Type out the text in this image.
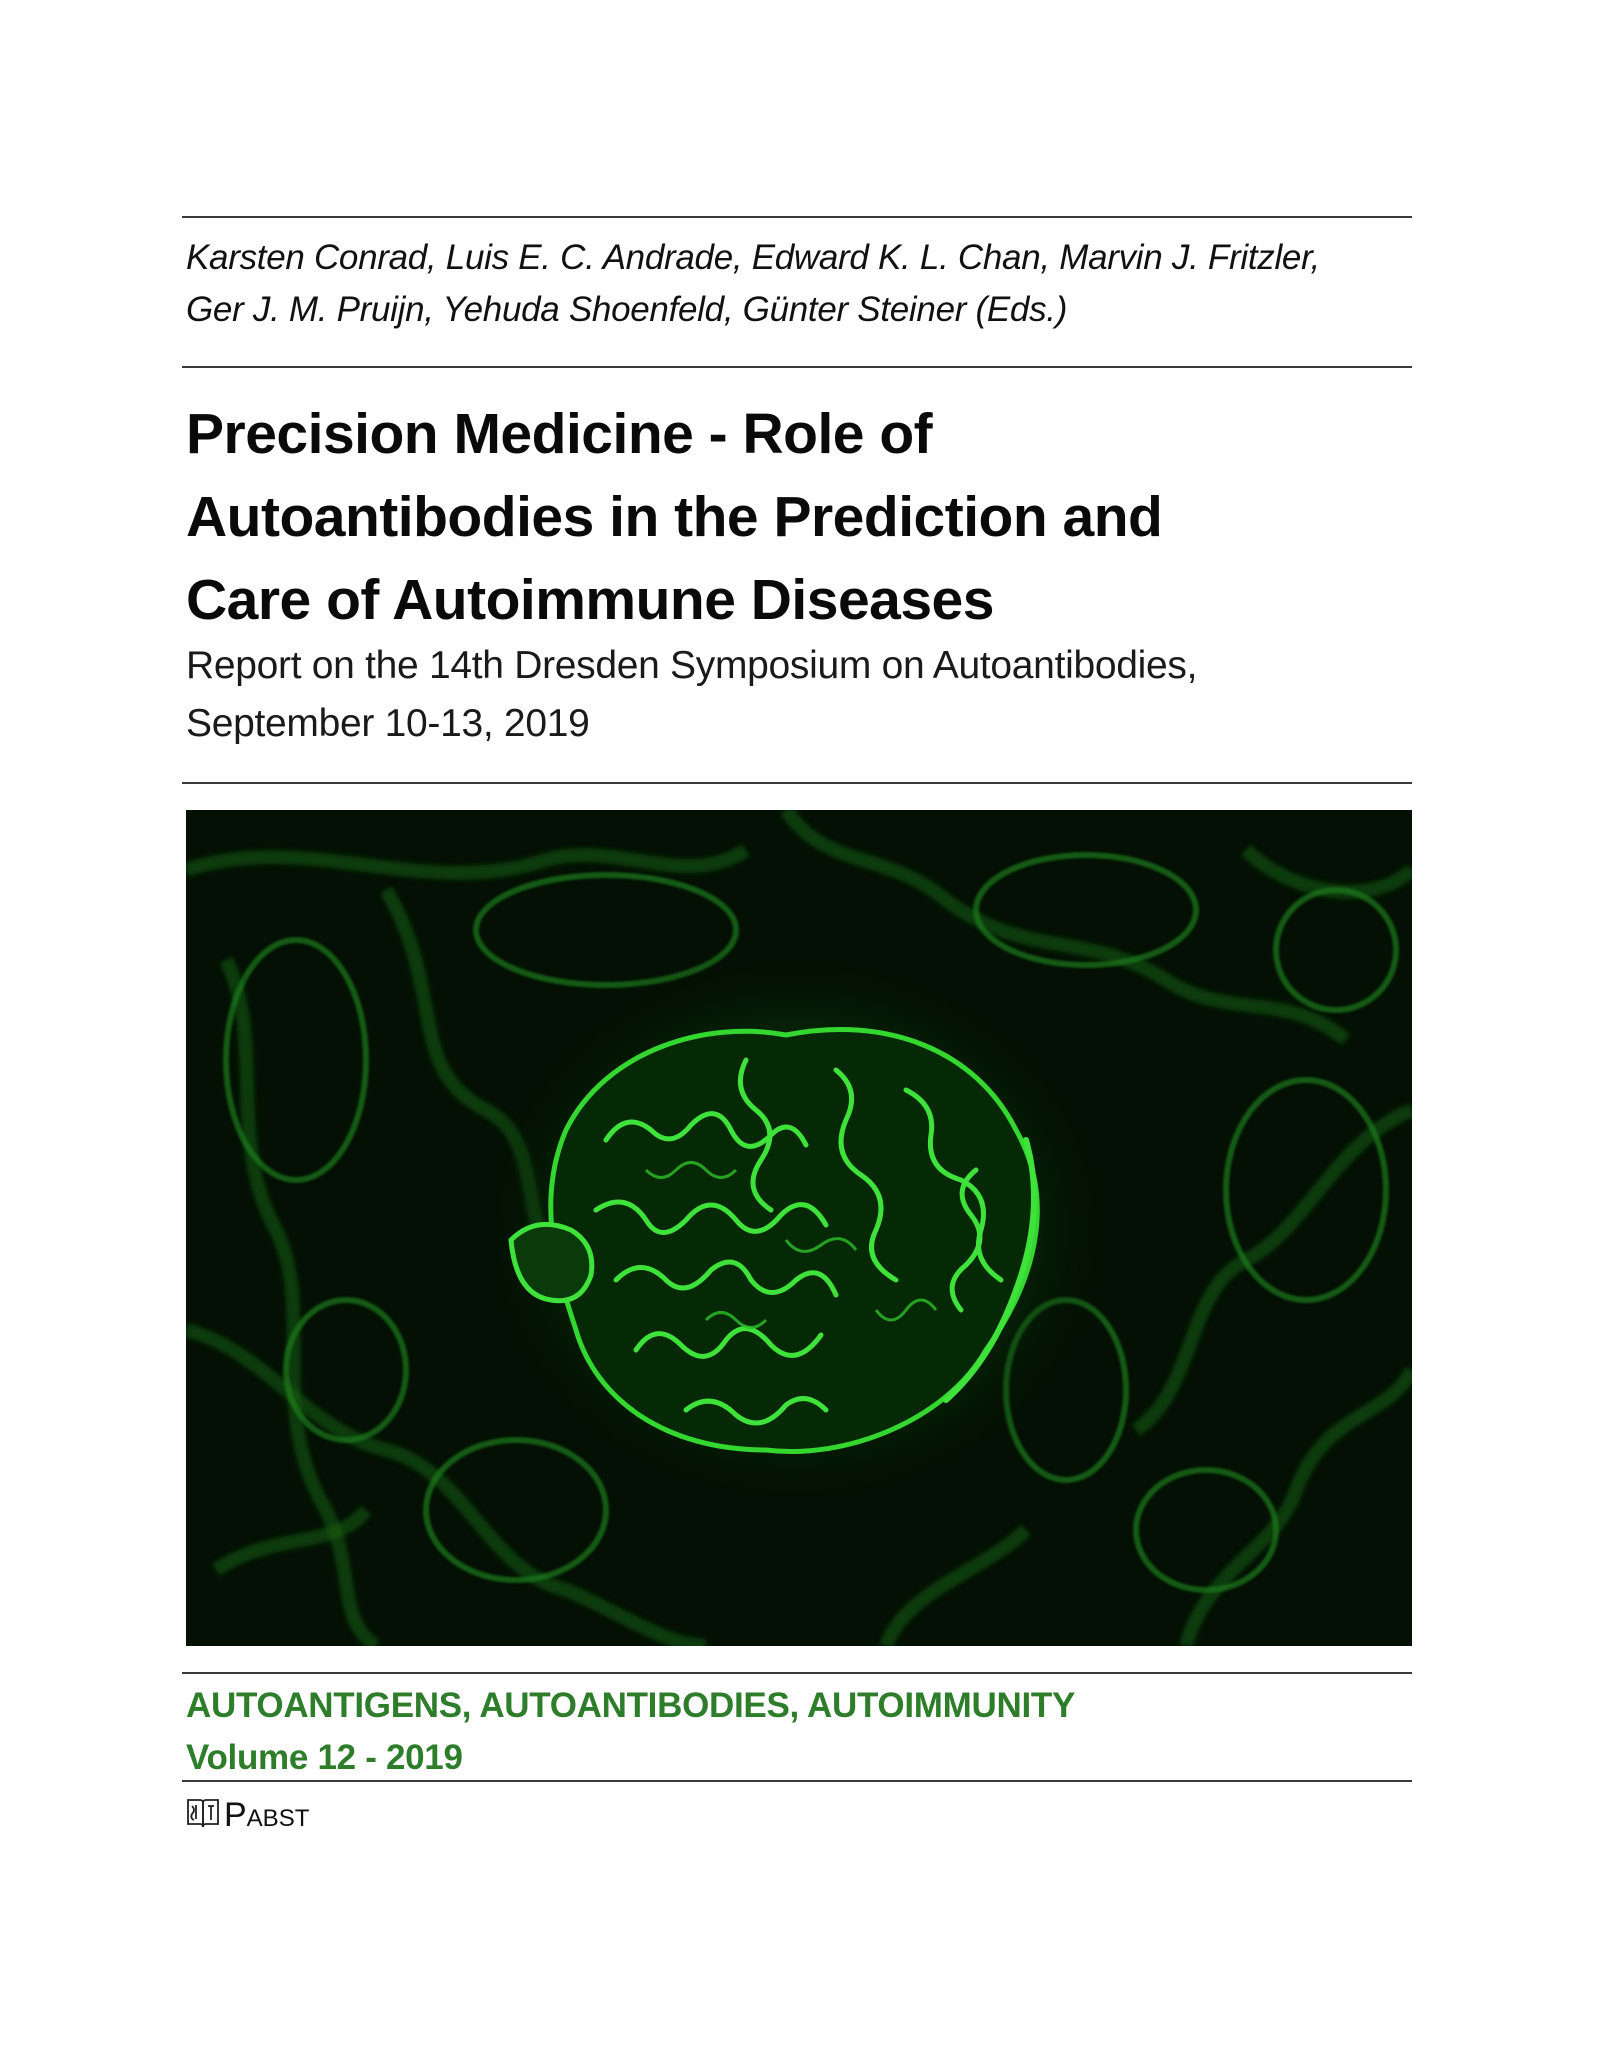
Karsten Conrad, Luis E. C. Andrade, Edward K. L. Chan, Marvin J. Fritzler,
Ger J. M. Pruijn, Yehuda Shoenfeld, Günter Steiner (Eds.)
Precision Medicine - Role of
Autoantibodies in the Prediction and
Care of Autoimmune Diseases
Report on the 14th Dresden Symposium on Autoantibodies,
September 10-13, 2019
AUTOANTIGENS, AUTOANTIBODIES, AUTOIMMUNITY
Volume 12 - 2019
Pabst
